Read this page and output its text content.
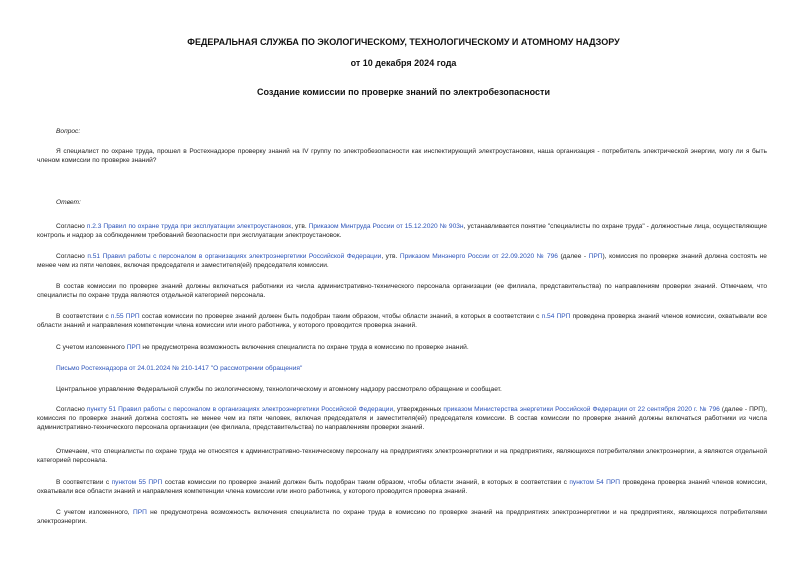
ФЕДЕРАЛЬНАЯ СЛУЖБА ПО ЭКОЛОГИЧЕСКОМУ, ТЕХНОЛОГИЧЕСКОМУ И АТОМНОМУ НАДЗОРУ
от 10 декабря 2024 года
Создание комиссии по проверке знаний по электробезопасности
Вопрос:
Я специалист по охране труда, прошел в Ростехнадзоре проверку знаний на IV группу по электробезопасности как инспектирующий электроустановки, наша организация - потребитель электрической энергии, могу ли я быть членом комиссии по проверке знаний?
Ответ:
Согласно п.2.3 Правил по охране труда при эксплуатации электроустановок, утв. Приказом Минтруда России от 15.12.2020 № 903н, устанавливается понятие "специалисты по охране труда" - должностные лица, осуществляющие контроль и надзор за соблюдением требований безопасности при эксплуатации электроустановок.
Согласно п.51 Правил работы с персоналом в организациях электроэнергетики Российской Федерации, утв. Приказом Минэнерго России от 22.09.2020 № 796 (далее - ПРП), комиссия по проверке знаний должна состоять не менее чем из пяти человек, включая председателя и заместителя(ей) председателя комиссии.
В состав комиссии по проверке знаний должны включаться работники из числа административно-технического персонала организации (ее филиала, представительства) по направлениям проверки знаний. Отмечаем, что специалисты по охране труда являются отдельной категорией персонала.
В соответствии с п.55 ПРП состав комиссии по проверке знаний должен быть подобран таким образом, чтобы области знаний, в которых в соответствии с п.54 ПРП проведена проверка знаний членов комиссии, охватывали все области знаний и направления компетенции члена комиссии или иного работника, у которого проводится проверка знаний.
С учетом изложенного ПРП не предусмотрена возможность включения специалиста по охране труда в комиссию по проверке знаний.
Письмо Ростехнадзора от 24.01.2024 № 210-1417 "О рассмотрении обращения"
Центральное управление Федеральной службы по экологическому, технологическому и атомному надзору рассмотрело обращение и сообщает.
Согласно пункту 51 Правил работы с персоналом в организациях электроэнергетики Российской Федерации, утвержденных приказом Министерства энергетики Российской Федерации от 22 сентября 2020 г. № 796 (далее - ПРП), комиссия по проверке знаний должна состоять не менее чем из пяти человек, включая председателя и заместителя(ей) председателя комиссии. В состав комиссии по проверке знаний должны включаться работники из числа административно-технического персонала организации (ее филиала, представительства) по направлениям проверки знаний.
Отмечаем, что специалисты по охране труда не относятся к административно-техническому персоналу на предприятиях электроэнергетики и на предприятиях, являющихся потребителями электроэнергии, а являются отдельной категорией персонала.
В соответствии с пунктом 55 ПРП состав комиссии по проверке знаний должен быть подобран таким образом, чтобы области знаний, в которых в соответствии с пунктом 54 ПРП проведена проверка знаний членов комиссии, охватывали все области знаний и направления компетенции члена комиссии или иного работника, у которого проводится проверка знаний.
С учетом изложенного, ПРП не предусмотрена возможность включения специалиста по охране труда в комиссию по проверке знаний на предприятиях электроэнергетики и на предприятиях, являющихся потребителями электроэнергии.
